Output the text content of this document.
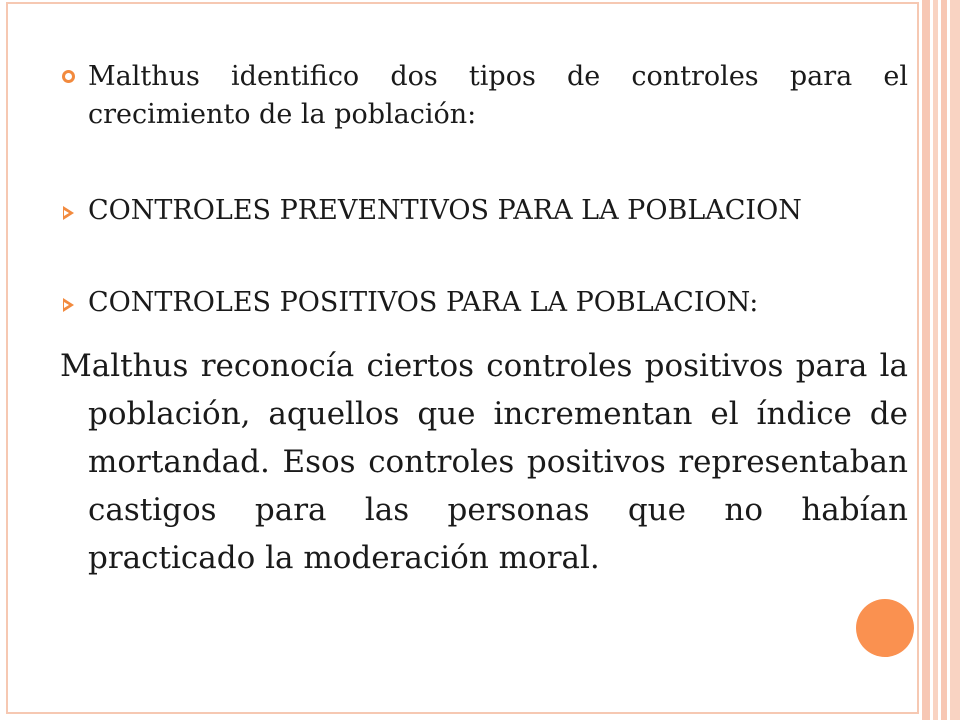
Malthus identifico dos tipos de controles para el crecimiento de la población:
CONTROLES PREVENTIVOS PARA LA POBLACION
CONTROLES POSITIVOS PARA LA POBLACION:
Malthus reconocía ciertos controles positivos para la población, aquellos que incrementan el índice de mortandad. Esos controles positivos representaban castigos para las personas que no habían practicado la moderación moral.
